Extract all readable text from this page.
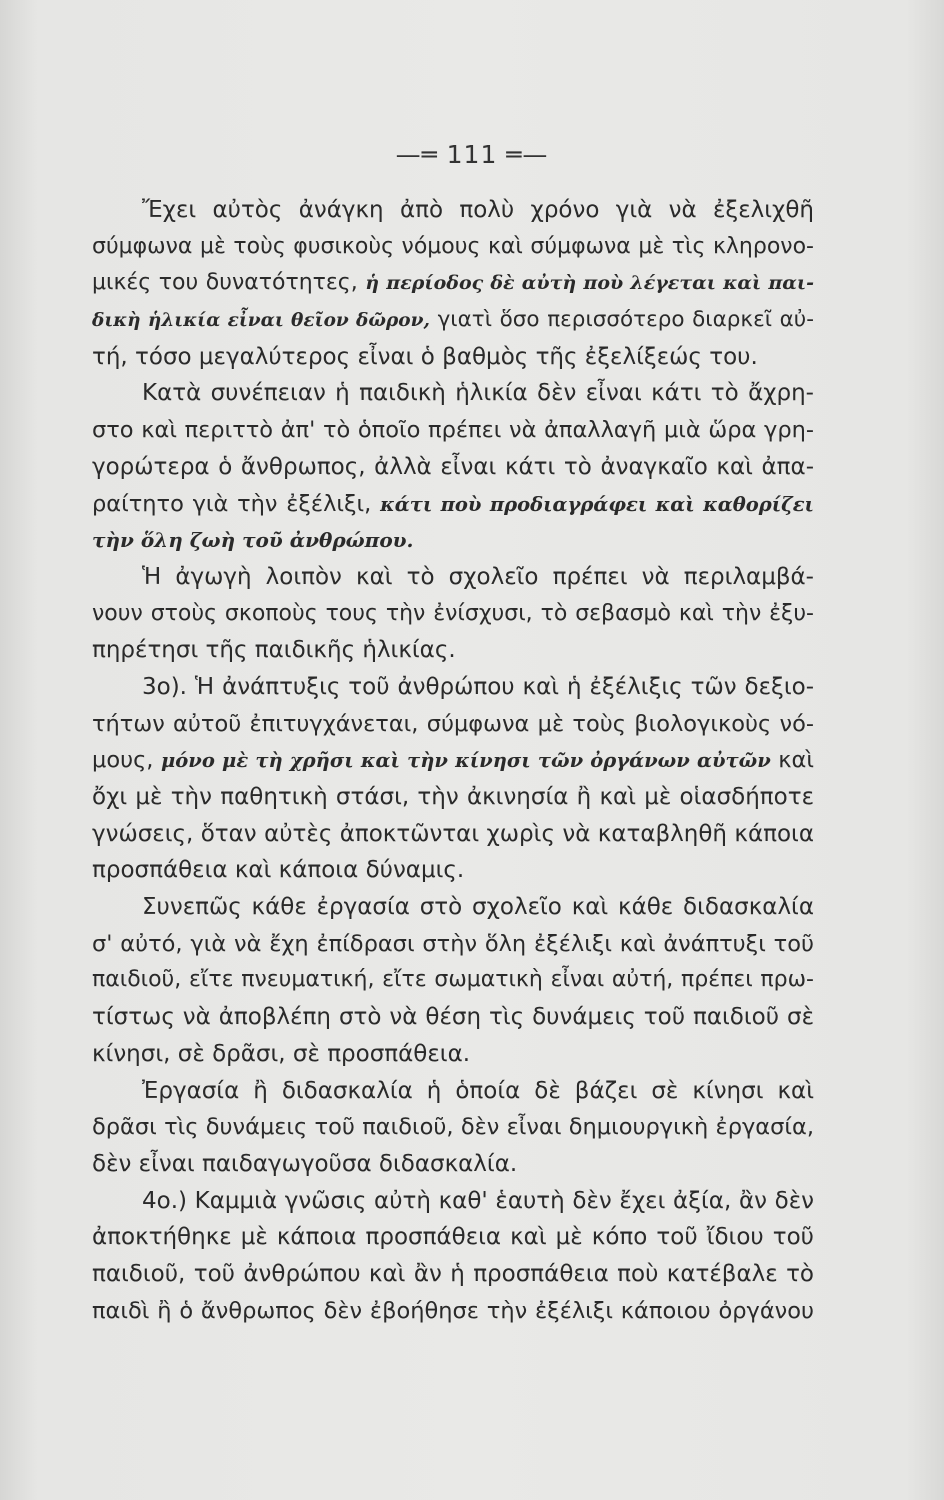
—═ 111 ═—
Ἔχει αὐτὸς ἀνάγκη ἀπὸ πολὺ χρόνο γιὰ νὰ ἐξελιχθῆ
σύμφωνα μὲ τοὺς φυσικοὺς νόμους καὶ σύμφωνα μὲ τὶς κληρονο-
μικές του δυνατότητες, ἡ περίοδος δὲ αὐτὴ ποὺ λέγεται καὶ παι-
δικὴ ἡλικία εἶναι θεῖον δῶρον, γιατὶ ὅσο περισσότερο διαρκεῖ αὐ-
τή, τόσο μεγαλύτερος εἶναι ὁ βαθμὸς τῆς ἐξελίξεώς του.
Κατὰ συνέπειαν ἡ παιδικὴ ἡλικία δὲν εἶναι κάτι τὸ ἄχρη-
στο καὶ περιττὸ ἀπ' τὸ ὁποῖο πρέπει νὰ ἀπαλλαγῆ μιὰ ὥρα γρη-
γορώτερα ὁ ἄνθρωπος, ἀλλὰ εἶναι κάτι τὸ ἀναγκαῖο καὶ ἀπα-
ραίτητο γιὰ τὴν ἐξέλιξι, κάτι ποὺ προδιαγράφει καὶ καθορίζει
τὴν ὅλη ζωὴ τοῦ ἀνθρώπου.
Ἡ ἀγωγὴ λοιπὸν καὶ τὸ σχολεῖο πρέπει νὰ περιλαμβά-
νουν στοὺς σκοποὺς τους τὴν ἐνίσχυσι, τὸ σεβασμὸ καὶ τὴν ἐξυ-
πηρέτησι τῆς παιδικῆς ἡλικίας.
3ο). Ἡ ἀνάπτυξις τοῦ ἀνθρώπου καὶ ἡ ἐξέλιξις τῶν δεξιο-
τήτων αὐτοῦ ἐπιτυγχάνεται, σύμφωνα μὲ τοὺς βιολογικοὺς νό-
μους, μόνο μὲ τὴ χρῆσι καὶ τὴν κίνησι τῶν ὀργάνων αὐτῶν καὶ
ὄχι μὲ τὴν παθητικὴ στάσι, τὴν ἀκινησία ἢ καὶ μὲ οἱασδήποτε
γνώσεις, ὅταν αὐτὲς ἀποκτῶνται χωρὶς νὰ καταβληθῆ κάποια
προσπάθεια καὶ κάποια δύναμις.
Συνεπῶς κάθε ἐργασία στὸ σχολεῖο καὶ κάθε διδασκαλία
σ' αὐτό, γιὰ νὰ ἔχη ἐπίδρασι στὴν ὅλη ἐξέλιξι καὶ ἀνάπτυξι τοῦ
παιδιοῦ, εἴτε πνευματική, εἴτε σωματικὴ εἶναι αὐτή, πρέπει πρω-
τίστως νὰ ἀποβλέπη στὸ νὰ θέση τὶς δυνάμεις τοῦ παιδιοῦ σὲ
κίνησι, σὲ δρᾶσι, σὲ προσπάθεια.
Ἐργασία ἢ διδασκαλία ἡ ὁποία δὲ βάζει σὲ κίνησι καὶ
δρᾶσι τὶς δυνάμεις τοῦ παιδιοῦ, δὲν εἶναι δημιουργικὴ ἐργασία,
δὲν εἶναι παιδαγωγοῦσα διδασκαλία.
4ο.) Καμμιὰ γνῶσις αὐτὴ καθ' ἑαυτὴ δὲν ἔχει ἀξία, ἂν δὲν
ἀποκτήθηκε μὲ κάποια προσπάθεια καὶ μὲ κόπο τοῦ ἴδιου τοῦ
παιδιοῦ, τοῦ ἀνθρώπου καὶ ἂν ἡ προσπάθεια ποὺ κατέβαλε τὸ
παιδὶ ἢ ὁ ἄνθρωπος δὲν ἐβοήθησε τὴν ἐξέλιξι κάποιου ὀργάνου
